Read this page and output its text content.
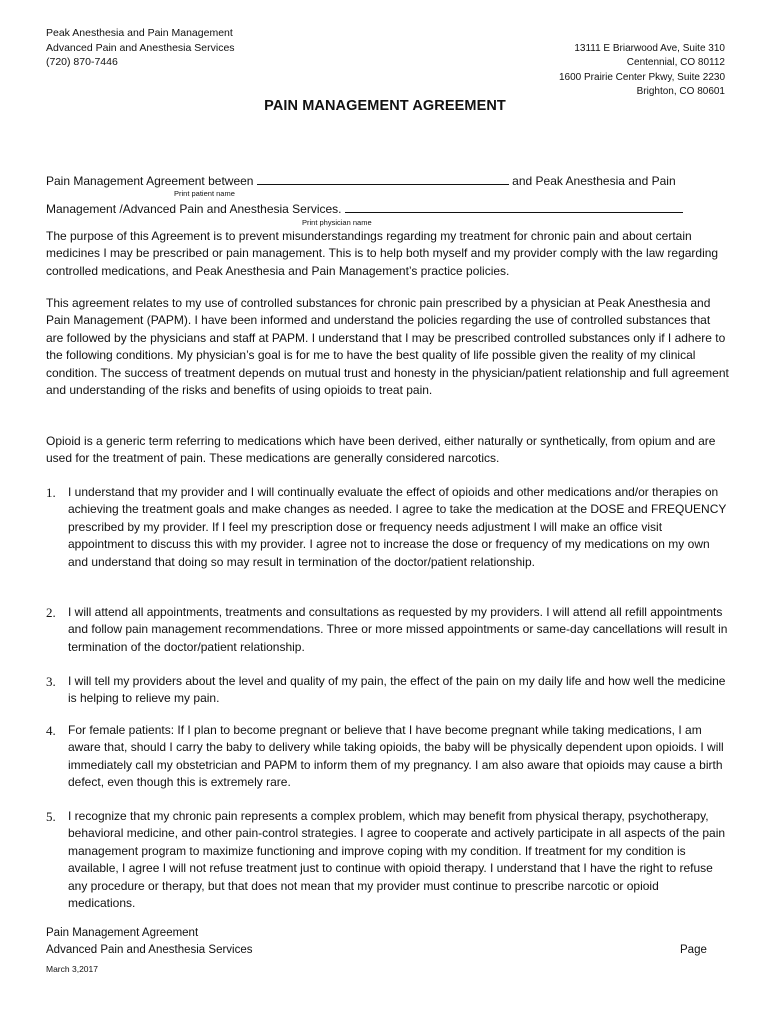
Peak Anesthesia and Pain Management
Advanced Pain and Anesthesia Services
(720) 870-7446
13111 E Briarwood Ave, Suite 310
Centennial, CO 80112
1600 Prairie Center Pkwy, Suite 2230
Brighton, CO 80601
PAIN MANAGEMENT AGREEMENT
Pain Management Agreement between	and Peak Anesthesia and Pain
Print patient name
Management /Advanced Pain and Anesthesia Services.
Print physician name

The purpose of this Agreement is to prevent misunderstandings regarding my treatment for chronic pain and about certain medicines I may be prescribed or pain management. This is to help both myself and my provider comply with the law regarding controlled medications, and Peak Anesthesia and Pain Management’s practice policies.

This agreement relates to my use of controlled substances for chronic pain prescribed by a physician at Peak Anesthesia and Pain Management (PAPM). I have been informed and understand the policies regarding the use of controlled substances that are followed by the physicians and staff at PAPM. I understand that I may be prescribed controlled substances only if I adhere to the following conditions. My physician’s goal is for me to have the best quality of life possible given the reality of my clinical condition. The success of treatment depends on mutual trust and honesty in the physician/patient relationship and full agreement and understanding of the risks and benefits of using opioids to treat pain.

Opioid is a generic term referring to medications which have been derived, either naturally or synthetically, from opium and are used for the treatment of pain. These medications are generally considered narcotics.

1. I understand that my provider and I will continually evaluate the effect of opioids and other medications and/or therapies on achieving the treatment goals and make changes as needed. I agree to take the medication at the DOSE and FREQUENCY prescribed by my provider. If I feel my prescription dose or frequency needs adjustment I will make an office visit appointment to discuss this with my provider. I agree not to increase the dose or frequency of my medications on my own and understand that doing so may result in termination of the doctor/patient relationship.
2. I will attend all appointments, treatments and consultations as requested by my providers. I will attend all refill appointments and follow pain management recommendations. Three or more missed appointments or same-day cancellations will result in termination of the doctor/patient relationship.
3. I will tell my providers about the level and quality of my pain, the effect of the pain on my daily life and how well the medicine is helping to relieve my pain.
4. For female patients: If I plan to become pregnant or believe that I have become pregnant while taking medications, I am aware that, should I carry the baby to delivery while taking opioids, the baby will be physically dependent upon opioids. I will immediately call my obstetrician and PAPM to inform them of my pregnancy. I am also aware that opioids may cause a birth defect, even though this is extremely rare.
5. I recognize that my chronic pain represents a complex problem, which may benefit from physical therapy, psychotherapy, behavioral medicine, and other pain-control strategies. I agree to cooperate and actively participate in all aspects of the pain management program to maximize functioning and improve coping with my condition. If treatment for my condition is available, I agree I will not refuse treatment just to continue with opioid therapy. I understand that I have the right to refuse any procedure or therapy, but that does not mean that my provider must continue to prescribe narcotic or opioid medications.
Pain Management Agreement
Advanced Pain and Anesthesia Services
March 3,2017
Page
